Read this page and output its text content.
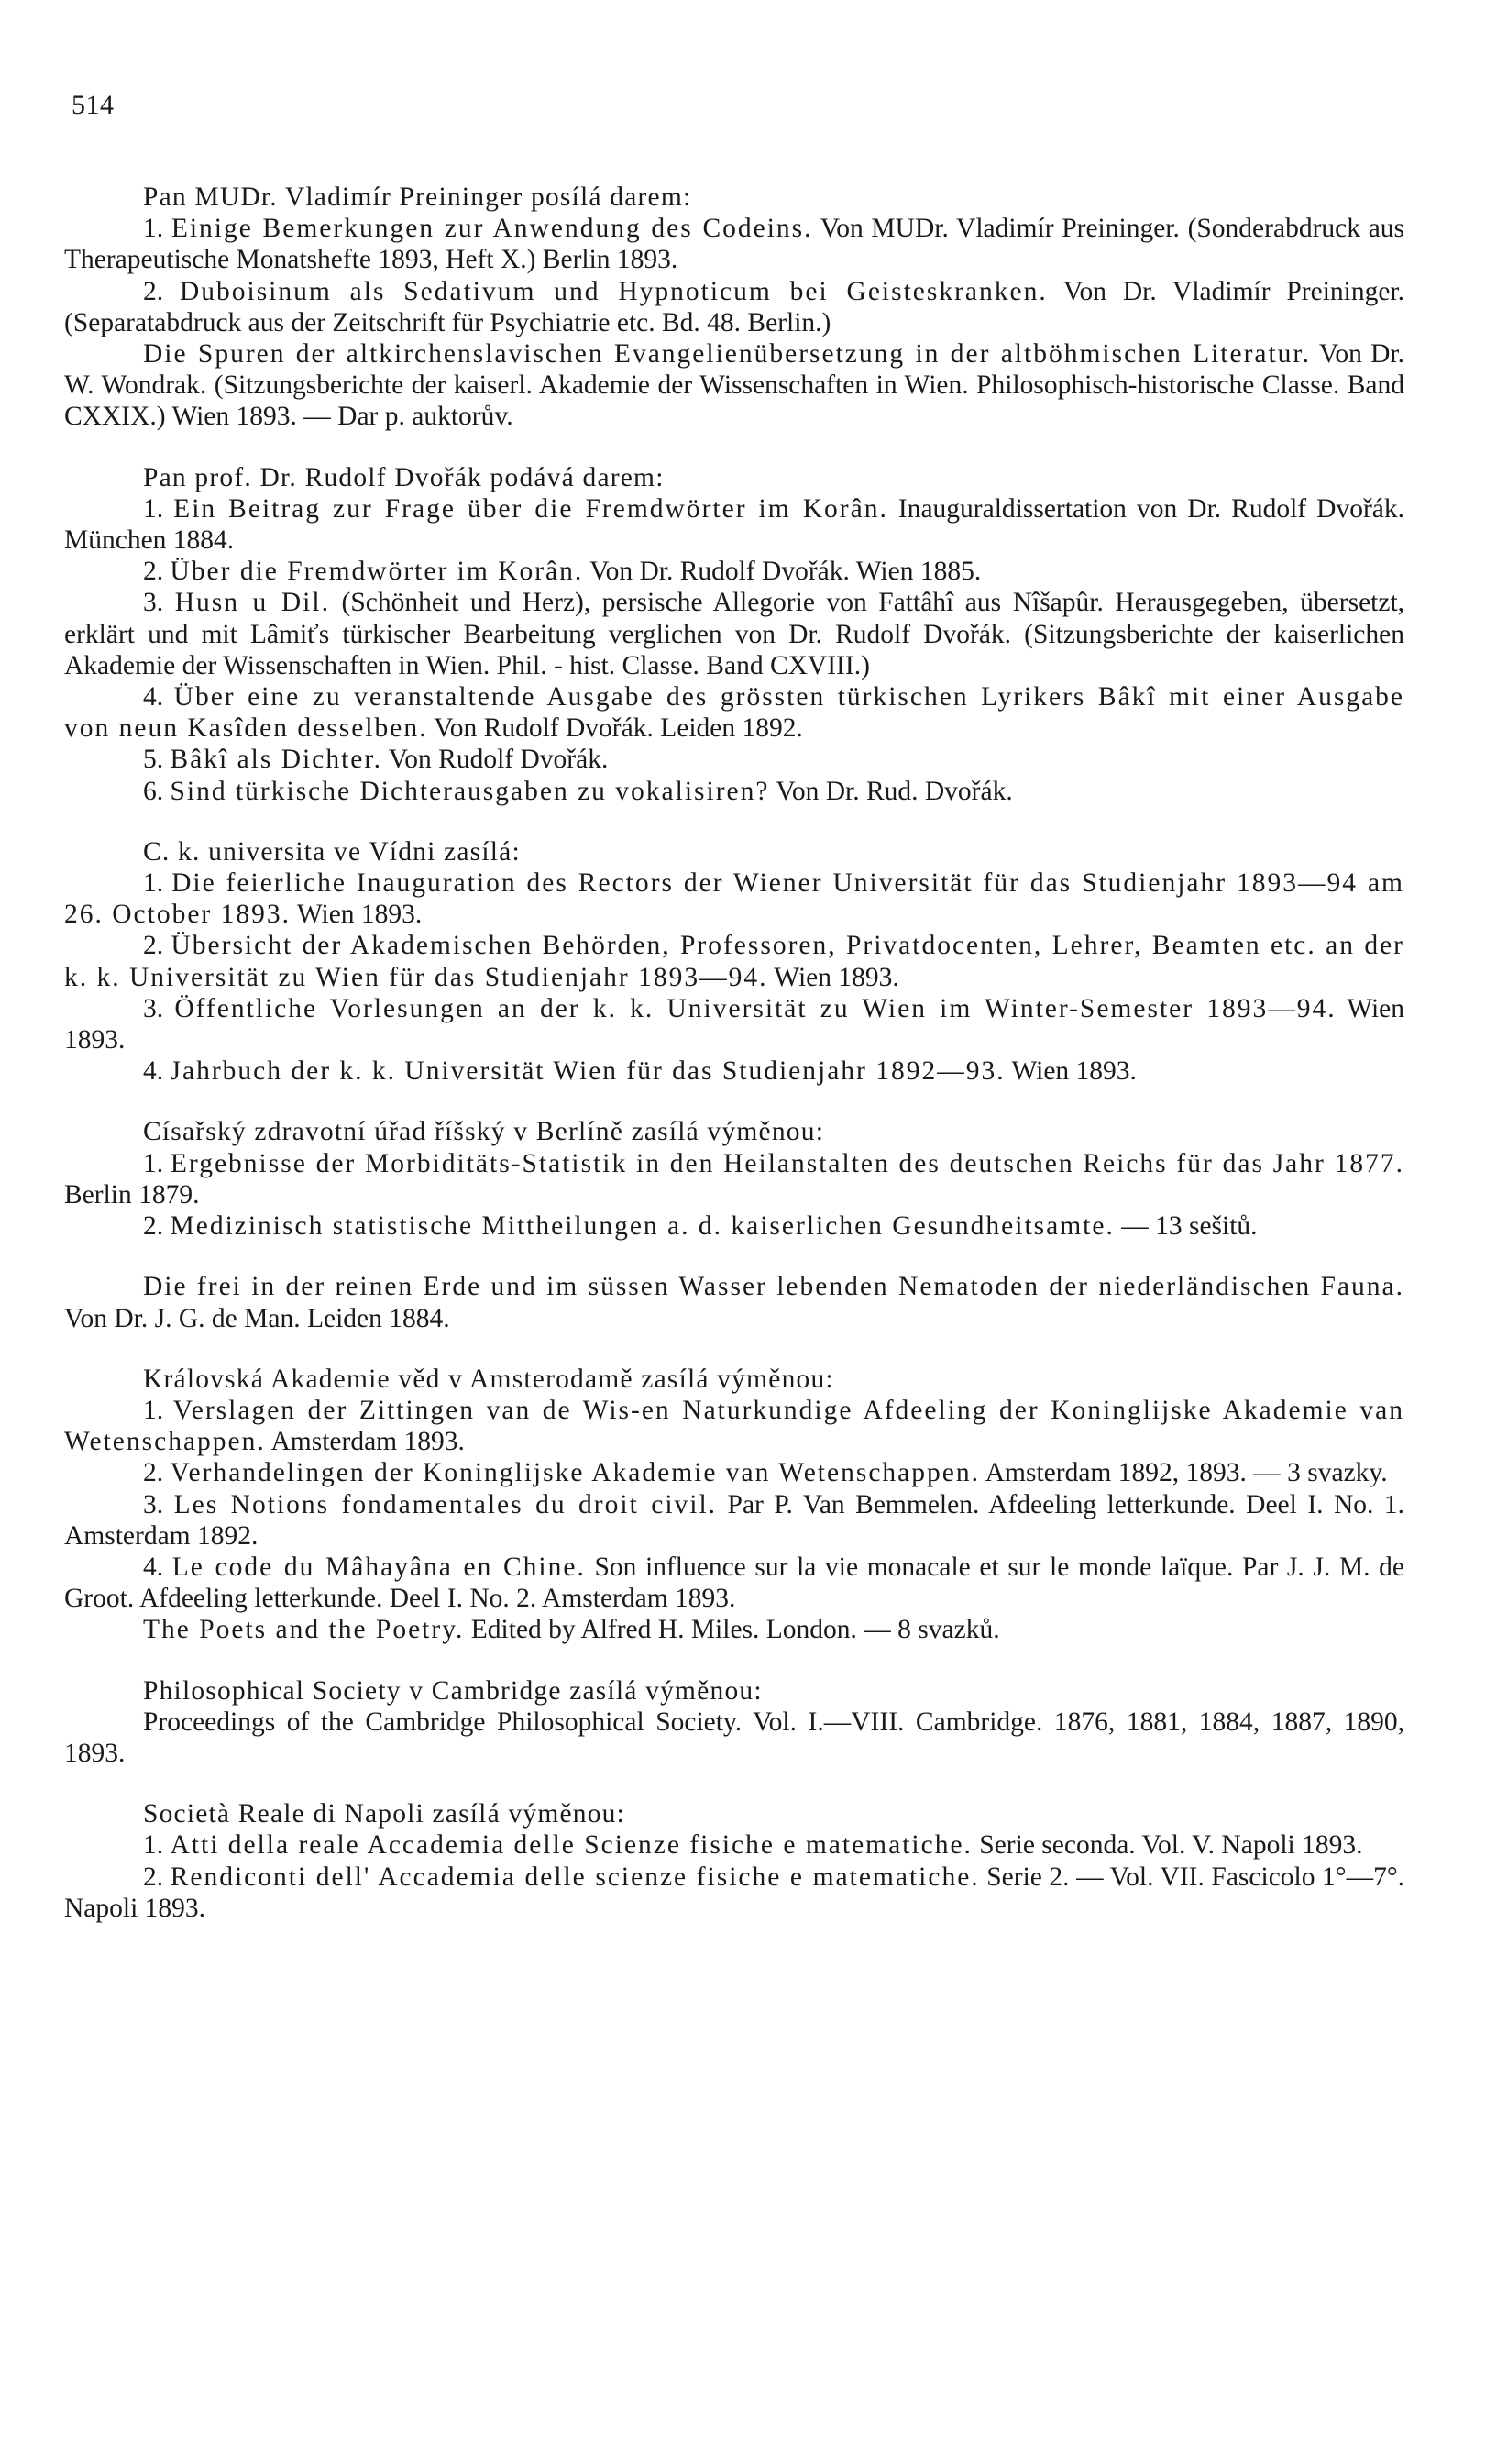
514

Pan MUDr. Vladimír Preininger posílá darem:

1. Einige Bemerkungen zur Anwendung des Codeins. Von MUDr. Vladimír Preininger. (Sonderabdruck aus Therapeutische Monatshefte 1893, Heft X.) Berlin 1893.

2. Duboisinum als Sedativum und Hypnoticum bei Geisteskranken. Von Dr. Vladimír Preininger. (Separatabdruck aus der Zeitschrift für Psychiatrie etc. Bd. 48. Berlin.)

Die Spuren der altkirchenslavischen Evangelienübersetzung in der altböhmischen Literatur. Von Dr. W. Wondrak. (Sitzungsberichte der kaiserl. Akademie der Wissenschaften in Wien. Philosophisch-historische Classe. Band CXXIX.) Wien 1893. — Dar p. auktorův.

Pan prof. Dr. Rudolf Dvořák podává darem:

1. Ein Beitrag zur Frage über die Fremdwörter im Korân. Inauguraldissertation von Dr. Rudolf Dvořák. München 1884.

2. Über die Fremdwörter im Korân. Von Dr. Rudolf Dvořák. Wien 1885.

3. Husn u Dil. (Schönheit und Herz), persische Allegorie von Fattâhî aus Nîšapûr. Herausgegeben, übersetzt, erklärt und mit Lâmiťs türkischer Bearbeitung verglichen von Dr. Rudolf Dvořák. (Sitzungsberichte der kaiserlichen Akademie der Wissenschaften in Wien. Phil. - hist. Classe. Band CXVIII.)

4. Über eine zu veranstaltende Ausgabe des grössten türkischen Lyrikers Bâkî mit einer Ausgabe von neun Kasîden desselben. Von Rudolf Dvořák. Leiden 1892.

5. Bâkî als Dichter. Von Rudolf Dvořák.

6. Sind türkische Dichterausgaben zu vokalisiren? Von Dr. Rud. Dvořák.

C. k. universita ve Vídni zasílá:

1. Die feierliche Inauguration des Rectors der Wiener Universität für das Studienjahr 1893—94 am 26. October 1893. Wien 1893.

2. Übersicht der Akademischen Behörden, Professoren, Privatdocenten, Lehrer, Beamten etc. an der k. k. Universität zu Wien für das Studienjahr 1893—94. Wien 1893.

3. Öffentliche Vorlesungen an der k. k. Universität zu Wien im Winter-Semester 1893—94. Wien 1893.

4. Jahrbuch der k. k. Universität Wien für das Studienjahr 1892—93. Wien 1893.

Císařský zdravotní úřad říšský v Berlíně zasílá výměnou:

1. Ergebnisse der Morbiditäts-Statistik in den Heilanstalten des deutschen Reichs für das Jahr 1877. Berlin 1879.

2. Medizinisch statistische Mittheilungen a. d. kaiserlichen Gesundheitsamte. — 13 sešitů.

Die frei in der reinen Erde und im süssen Wasser lebenden Nematoden der niederländischen Fauna. Von Dr. J. G. de Man. Leiden 1884.

Královská Akademie věd v Amsterodamě zasílá výměnou:

1. Verslagen der Zittingen van de Wis-en Naturkundige Afdeeling der Koninglijske Akademie van Wetenschappen. Amsterdam 1893.

2. Verhandelingen der Koninglijske Akademie van Wetenschappen. Amsterdam 1892, 1893. — 3 svazky.

3. Les Notions fondamentales du droit civil. Par P. Van Bemmelen. Afdeeling letterkunde. Deel I. No. 1. Amsterdam 1892.

4. Le code du Mâhayâna en Chine. Son influence sur la vie monacale et sur le monde laïque. Par J. J. M. de Groot. Afdeeling letterkunde. Deel I. No. 2. Amsterdam 1893.

The Poets and the Poetry. Edited by Alfred H. Miles. London. — 8 svazků.

Philosophical Society v Cambridge zasílá výměnou:

Proceedings of the Cambridge Philosophical Society. Vol. I.—VIII. Cambridge. 1876, 1881, 1884, 1887, 1890, 1893.

Società Reale di Napoli zasílá výměnou:

1. Atti della reale Accademia delle Scienze fisiche e matematiche. Serie seconda. Vol. V. Napoli 1893.

2. Rendiconti dell' Accademia delle scienze fisiche e matematiche. Serie 2. — Vol. VII. Fascicolo 1°—7°. Napoli 1893.
